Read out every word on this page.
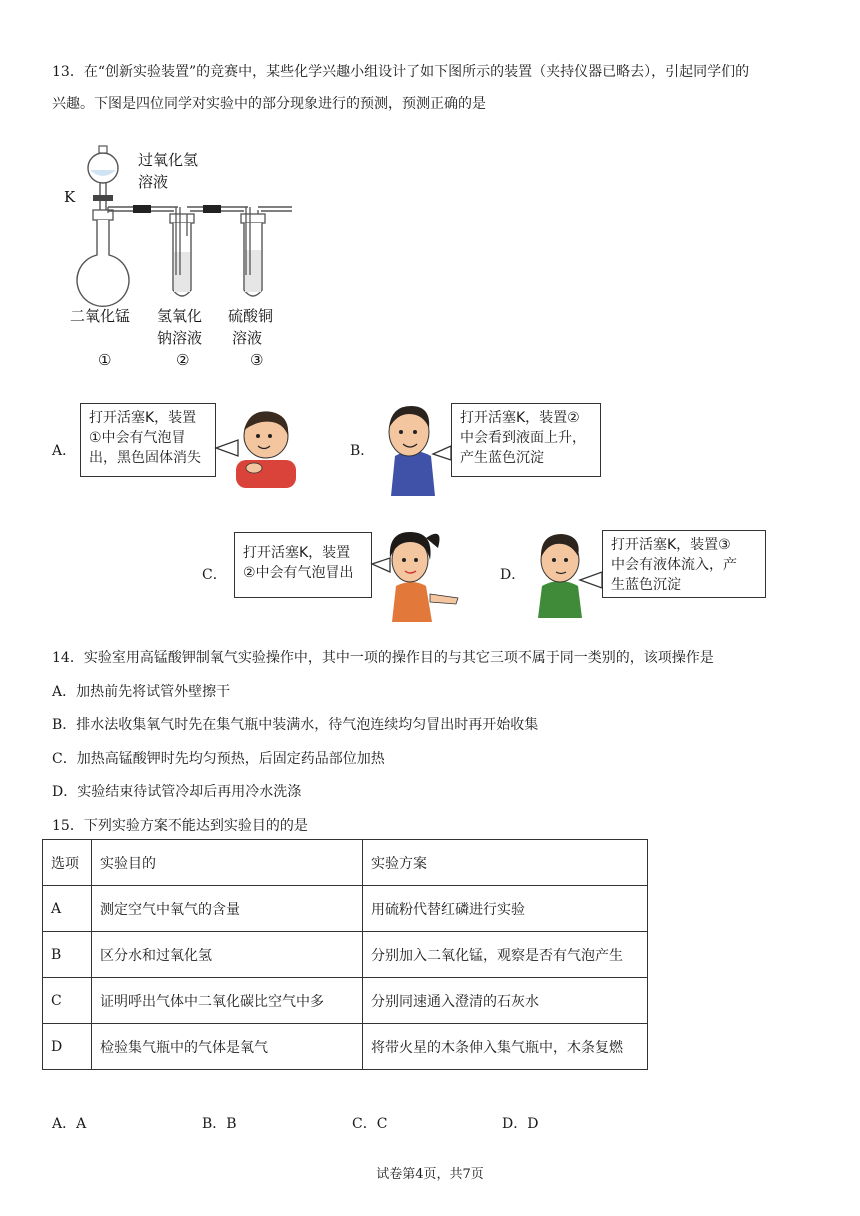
13．在“创新实验装置”的竞赛中，某些化学兴趣小组设计了如下图所示的装置（夹持仪器已略去），引起同学们的
兴趣。下图是四位同学对实验中的部分现象进行的预测，预测正确的是
过氧化氢
溶液
K
二氧化锰
①
氢氧化
钠溶液
②
硫酸铜
溶液
③
A．
打开活塞K，装置
①中会有气泡冒
出，黑色固体消失	B．
打开活塞K，装置②
中会看到液面上升，
产生蓝色沉淀
C．
打开活塞K，装置
②中会有气泡冒出	D．
打开活塞K，装置③
中会有液体流入，产
生蓝色沉淀
14．实验室用高锰酸钾制氧气实验操作中，其中一项的操作目的与其它三项不属于同一类别的，该项操作是
A．加热前先将试管外壁擦干
B．排水法收集氧气时先在集气瓶中装满水，待气泡连续均匀冒出时再开始收集
C．加热高锰酸钾时先均匀预热，后固定药品部位加热
D．实验结束待试管冷却后再用冷水洗涤
15．下列实验方案不能达到实验目的的是
选项	实验目的	实验方案
A	测定空气中氧气的含量	用硫粉代替红磷进行实验
B	区分水和过氧化氢	分别加入二氧化锰，观察是否有气泡产生
C	证明呼出气体中二氧化碳比空气中多	分别同速通入澄清的石灰水
D	检验集气瓶中的气体是氧气	将带火星的木条伸入集气瓶中，木条复燃
A．A	B．B	C．C	D．D
试卷第4页，共7页
